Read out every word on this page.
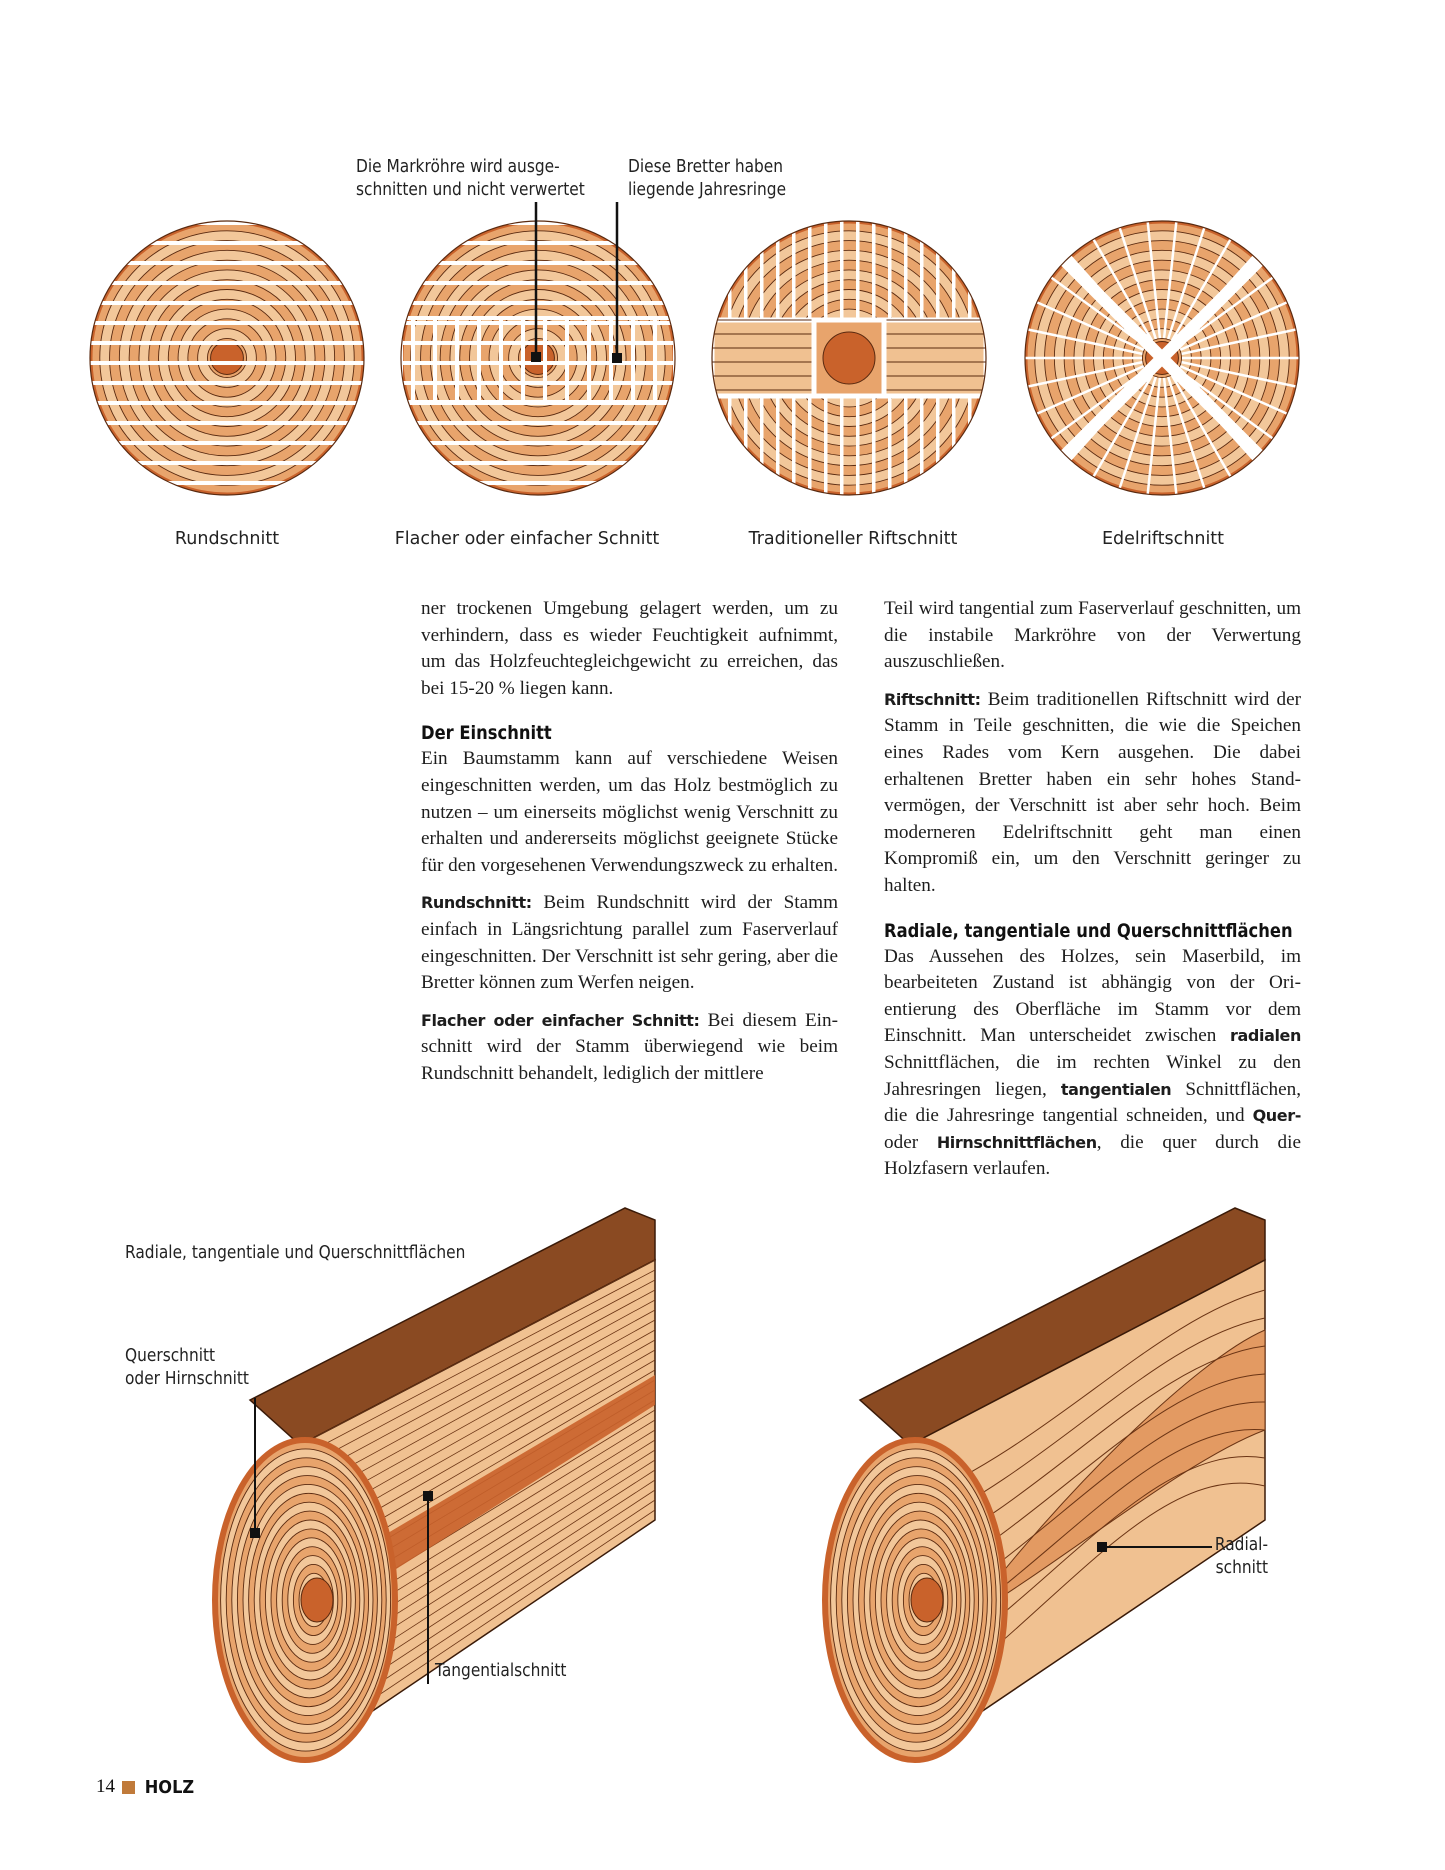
Die Markröhre wird ausge-
schnitten und nicht verwertet
Diese Bretter haben
liegende Jahresringe
Rundschnitt	Flacher oder einfacher Schnitt	Traditioneller Riftschnitt	Edelriftschnitt

ner trockenen Umgebung gelagert werden, um zu verhindern, dass es wieder Feuchtigkeit aufnimmt, um das Holzfeuchtegleichgewicht zu erreichen, das bei 15-20 % liegen kann.

Der Einschnitt

Ein Baumstamm kann auf verschiedene Weisen eingeschnitten werden, um das Holz bestmöglich zu nutzen – um einerseits möglichst wenig Verschnitt zu erhalten und andererseits möglichst geeignete Stücke für den vorgesehenen Verwendungszweck zu erhalten.

Rundschnitt: Beim Rundschnitt wird der Stamm einfach in Längsrichtung parallel zum Faserverlauf eingeschnitten. Der Verschnitt ist sehr gering, aber die Bretter können zum Werfen neigen.

Flacher oder einfacher Schnitt: Bei diesem Einschnitt wird der Stamm überwiegend wie beim Rundschnitt behandelt, lediglich der mittlere

Teil wird tangential zum Faserverlauf geschnitten, um die instabile Markröhre von der Verwertung auszuschließen.

Riftschnitt: Beim traditionellen Riftschnitt wird der Stamm in Teile geschnitten, die wie die Speichen eines Rades vom Kern ausgehen. Die dabei erhaltenen Bretter haben ein sehr hohes Standvermögen, der Verschnitt ist aber sehr hoch. Beim moderneren Edelriftschnitt geht man einen Kompromiß ein, um den Verschnitt geringer zu halten.

Radiale, tangentiale und Querschnittflächen

Das Aussehen des Holzes, sein Maserbild, im bearbeiteten Zustand ist abhängig von der Orientierung des Oberfläche im Stamm vor dem Einschnitt. Man unterscheidet zwischen radialen Schnittflächen, die im rechten Winkel zu den Jahresringen liegen, tangentialen Schnittflächen, die die Jahresringe tangential schneiden, und Quer- oder Hirnschnittflächen, die quer durch die Holzfasern verlaufen.

Radiale, tangentiale und Querschnittflächen
Querschnitt
oder Hirnschnitt
Tangentialschnitt
Radial-
schnitt
14 HOLZ
